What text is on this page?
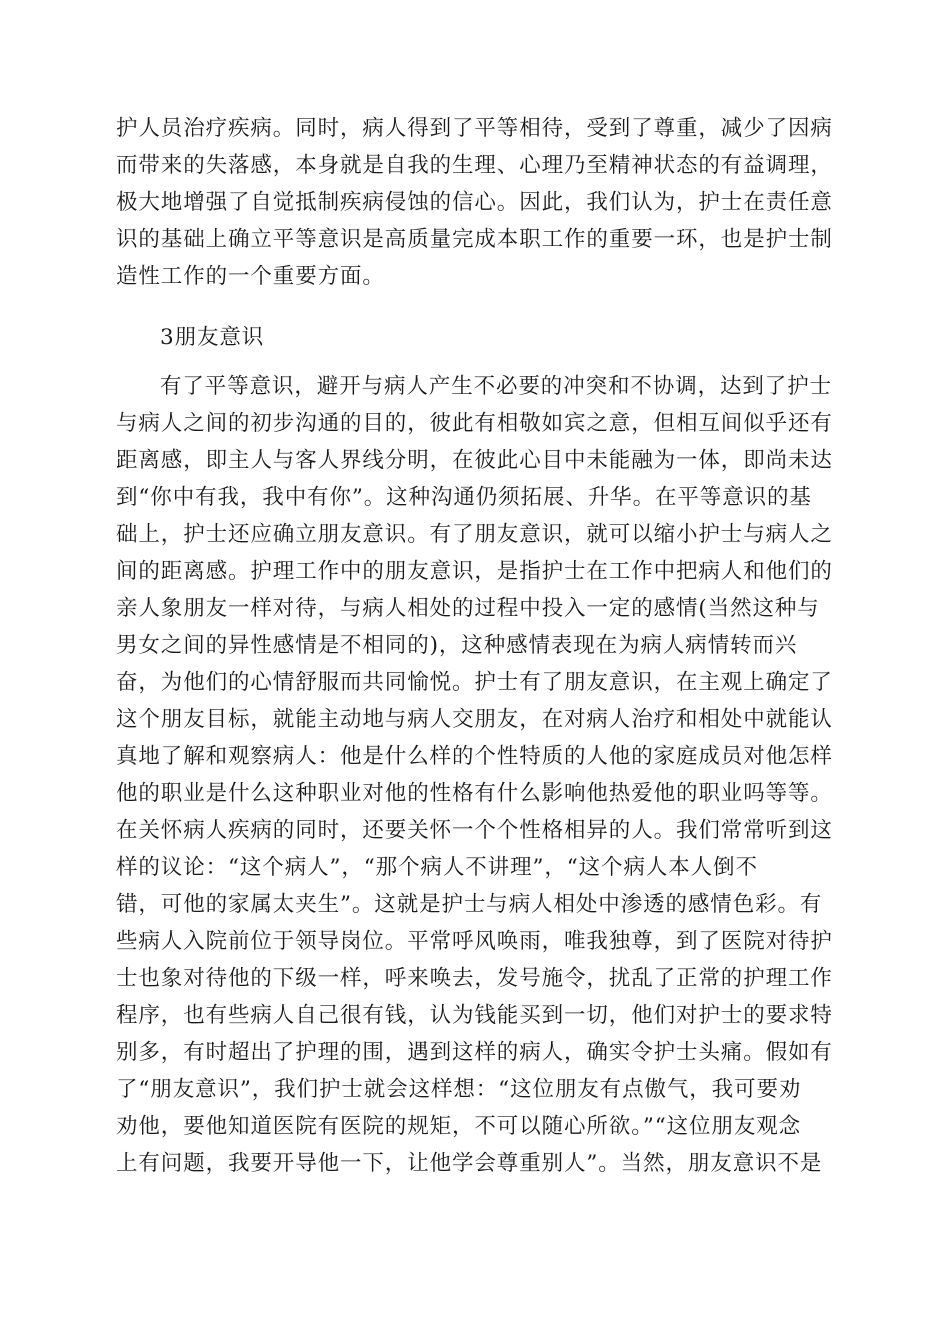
护人员治疗疾病。同时，病人得到了平等相待，受到了尊重，减少了因病
而带来的失落感，本身就是自我的生理、心理乃至精神状态的有益调理，
极大地增强了自觉抵制疾病侵蚀的信心。因此，我们认为，护士在责任意
识的基础上确立平等意识是高质量完成本职工作的重要一环，也是护士制
造性工作的一个重要方面。
3朋友意识
有了平等意识，避开与病人产生不必要的冲突和不协调，达到了护士
与病人之间的初步沟通的目的，彼此有相敬如宾之意，但相互间似乎还有
距离感，即主人与客人界线分明，在彼此心目中未能融为一体，即尚未达
到“你中有我，我中有你”。这种沟通仍须拓展、升华。在平等意识的基
础上，护士还应确立朋友意识。有了朋友意识，就可以缩小护士与病人之
间的距离感。护理工作中的朋友意识，是指护士在工作中把病人和他们的
亲人象朋友一样对待，与病人相处的过程中投入一定的感情(当然这种与
男女之间的异性感情是不相同的)，这种感情表现在为病人病情转而兴
奋，为他们的心情舒服而共同愉悦。护士有了朋友意识，在主观上确定了
这个朋友目标，就能主动地与病人交朋友，在对病人治疗和相处中就能认
真地了解和观察病人：他是什么样的个性特质的人他的家庭成员对他怎样
他的职业是什么这种职业对他的性格有什么影响他热爱他的职业吗等等。
在关怀病人疾病的同时，还要关怀一个个性格相异的人。我们常常听到这
样的议论：“这个病人”，“那个病人不讲理”，“这个病人本人倒不
错，可他的家属太夹生”。这就是护士与病人相处中渗透的感情色彩。有
些病人入院前位于领导岗位。平常呼风唤雨，唯我独尊，到了医院对待护
士也象对待他的下级一样，呼来唤去，发号施令，扰乱了正常的护理工作
程序，也有些病人自己很有钱，认为钱能买到一切，他们对护士的要求特
别多，有时超出了护理的围，遇到这样的病人，确实令护士头痛。假如有
了“朋友意识”，我们护士就会这样想：“这位朋友有点傲气，我可要劝
劝他，要他知道医院有医院的规矩，不可以随心所欲。”“这位朋友观念
上有问题，我要开导他一下，让他学会尊重别人”。当然，朋友意识不是
